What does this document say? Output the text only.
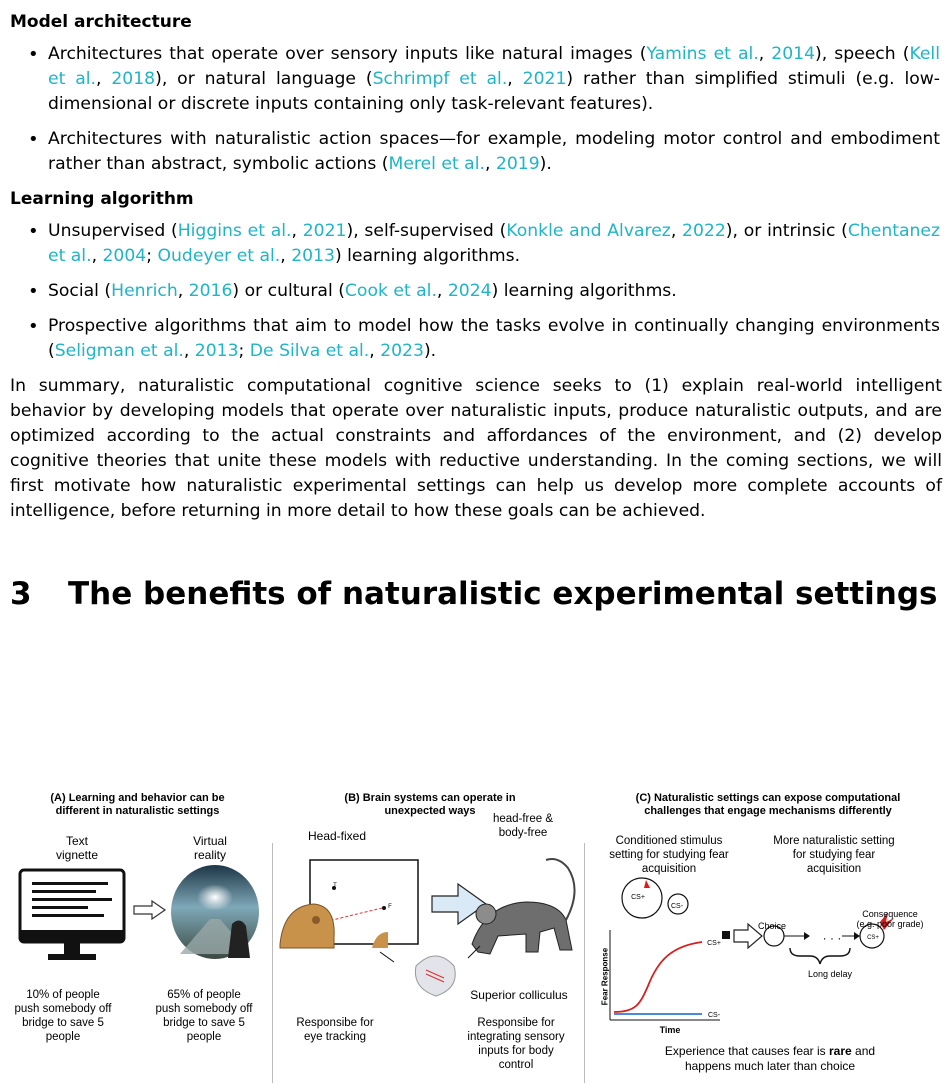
Model architecture
• Architectures that operate over sensory inputs like natural images (Yamins et al., 2014), speech (Kell et al., 2018), or natural language (Schrimpf et al., 2021) rather than simplified stimuli (e.g. low-dimensional or discrete inputs containing only task-relevant features).
• Architectures with naturalistic action spaces—for example, modeling motor control and embodiment rather than abstract, symbolic actions (Merel et al., 2019).
Learning algorithm
• Unsupervised (Higgins et al., 2021), self-supervised (Konkle and Alvarez, 2022), or intrinsic (Chentanez et al., 2004; Oudeyer et al., 2013) learning algorithms.
• Social (Henrich, 2016) or cultural (Cook et al., 2024) learning algorithms.
• Prospective algorithms that aim to model how the tasks evolve in continually changing environments (Seligman et al., 2013; De Silva et al., 2023).

In summary, naturalistic computational cognitive science seeks to (1) explain real-world intelligent behavior by developing models that operate over naturalistic inputs, produce naturalistic outputs, and are optimized according to the actual constraints and affordances of the environment, and (2) develop cognitive theories that unite these models with reductive understanding. In the coming sections, we will first motivate how naturalistic experimental settings can help us develop more complete accounts of intelligence, before returning in more detail to how these goals can be achieved.

3 The benefits of naturalistic experimental settings
(A) Learning and behavior can be
different in naturalistic settings
Text
vignette
Virtual
reality
10% of people
push somebody off
bridge to save 5
people
65% of people
push somebody off
bridge to save 5
people
(B) Brain systems can operate in
unexpected ways
Head-fixed
head-free &
body-free
T
F
Superior colliculus
Responsibe for
eye tracking
Responsibe for
integrating sensory
inputs for body
control
(C) Naturalistic settings can expose computational
challenges that engage mechanisms differently
Conditioned stimulus
setting for studying fear
acquisition
More naturalistic setting
for studying fear
acquisition
CS+
CS-
CS+
CS-
Fear Response
Time
Choice
· · ·	CS+
Consequence
(e.g. poor grade)
Long delay
Experience that causes fear is rare and
happens much later than choice
